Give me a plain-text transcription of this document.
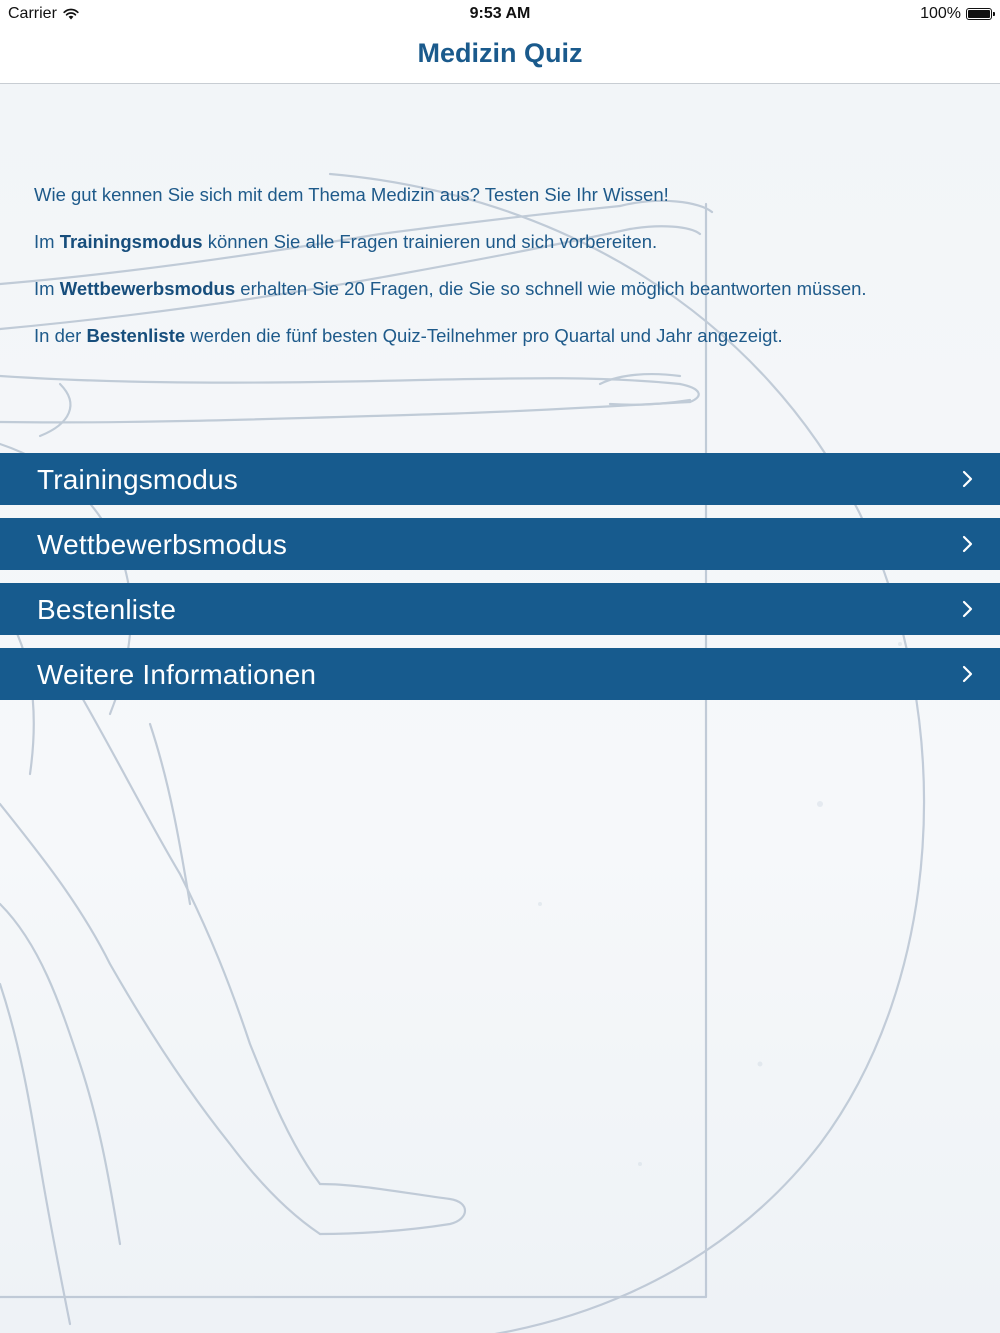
Carrier	9:53 AM	100%
Medizin Quiz

Wie gut kennen Sie sich mit dem Thema Medizin aus? Testen Sie Ihr Wissen!

Im Trainingsmodus können Sie alle Fragen trainieren und sich vorbereiten.

Im Wettbewerbsmodus erhalten Sie 20 Fragen, die Sie so schnell wie möglich beantworten müssen.

In der Bestenliste werden die fünf besten Quiz-Teilnehmer pro Quartal und Jahr angezeigt.

Trainingsmodus
Wettbewerbsmodus
Bestenliste
Weitere Informationen
